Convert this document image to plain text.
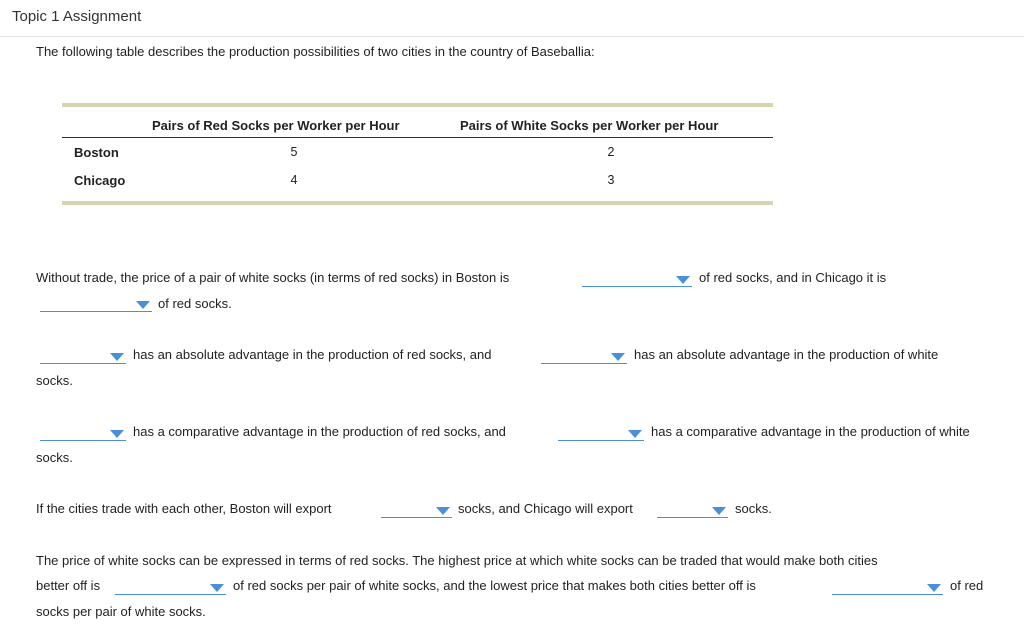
Topic 1 Assignment
The following table describes the production possibilities of two cities in the country of Baseballia:
Pairs of Red Socks per Worker per Hour	Pairs of White Socks per Worker per Hour
Boston	5	2
Chicago	4	3
Without trade, the price of a pair of white socks (in terms of red socks) in Boston is	of red socks, and in Chicago it is
of red socks.
has an absolute advantage in the production of red socks, and	has an absolute advantage in the production of white
socks.
has a comparative advantage in the production of red socks, and	has a comparative advantage in the production of white
socks.
If the cities trade with each other, Boston will export	socks, and Chicago will export	socks.
The price of white socks can be expressed in terms of red socks. The highest price at which white socks can be traded that would make both cities
better off is	of red socks per pair of white socks, and the lowest price that makes both cities better off is	of red
socks per pair of white socks.
